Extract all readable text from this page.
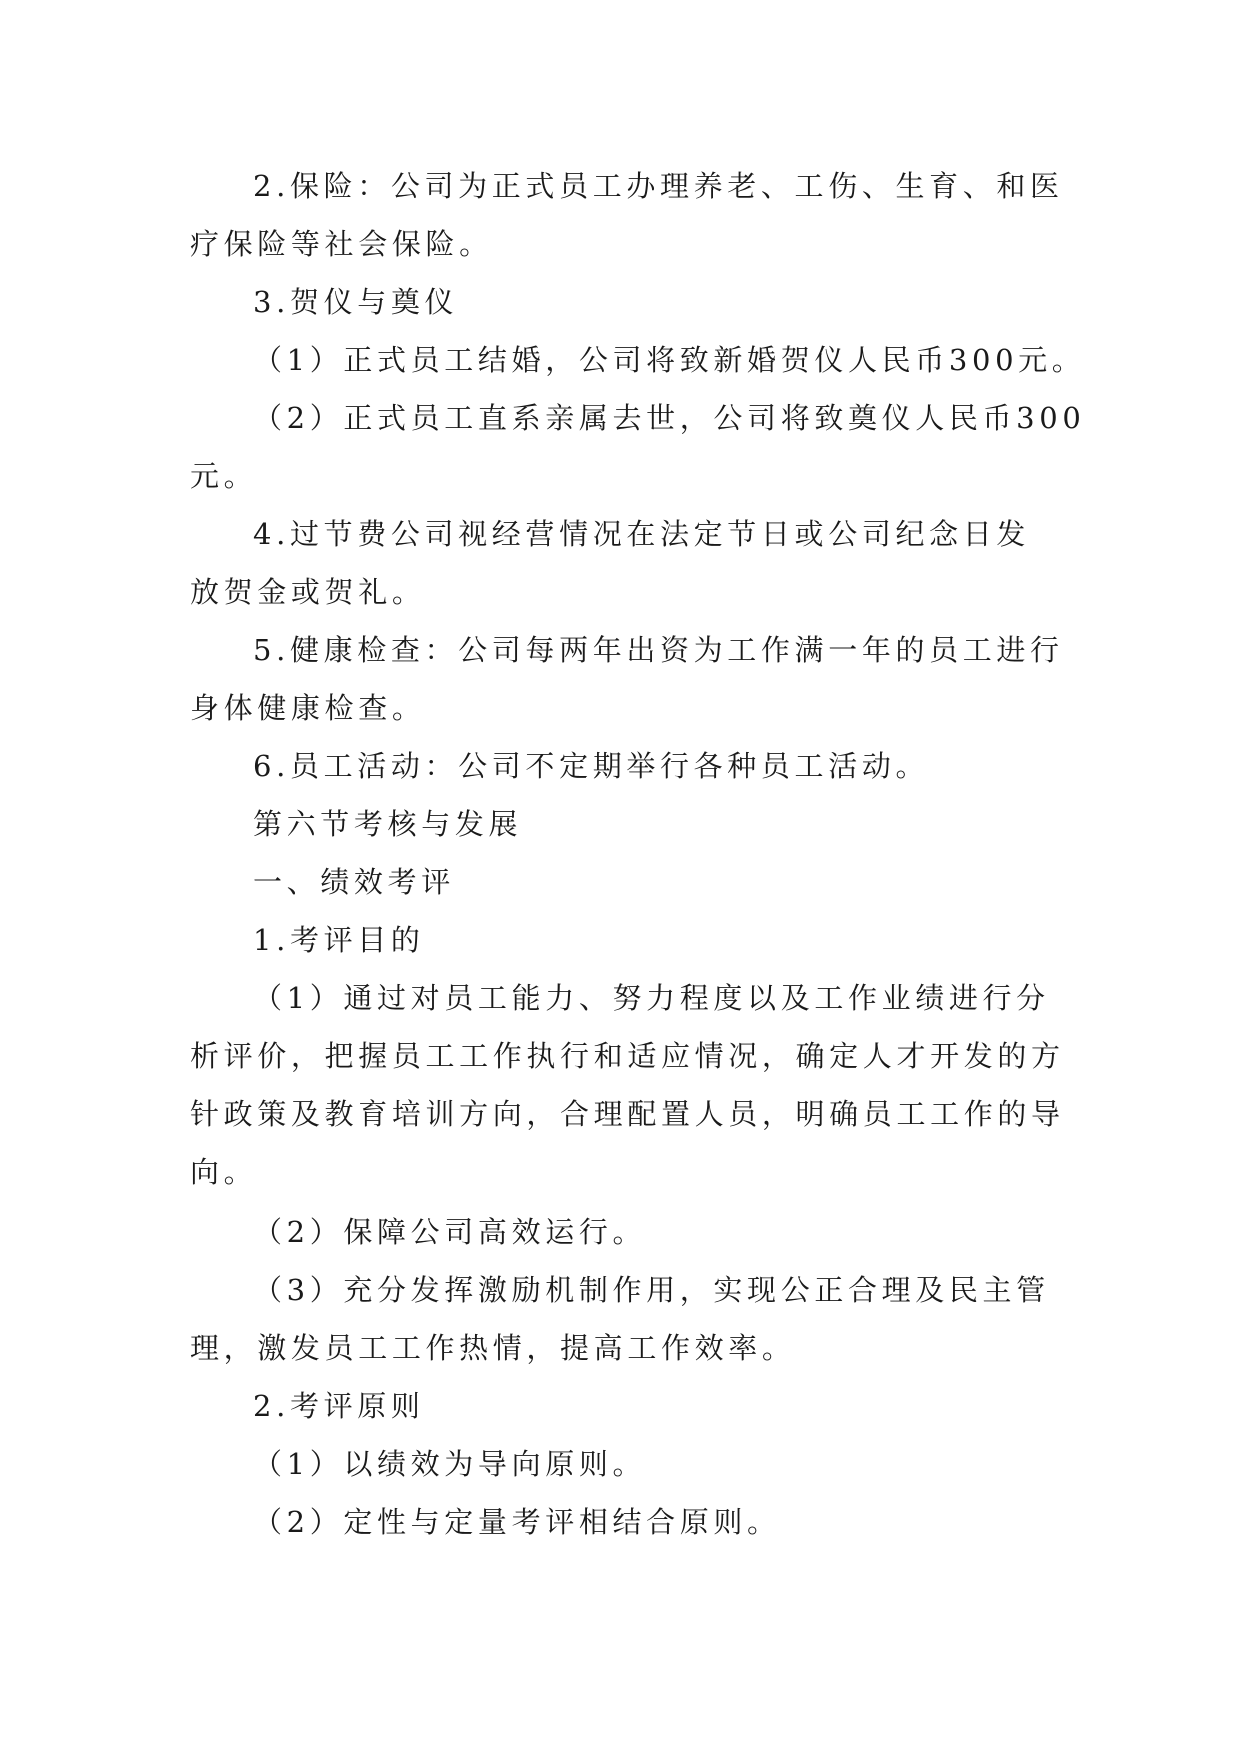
2.保险：公司为正式员工办理养老、工伤、生育、和医
疗保险等社会保险。
3.贺仪与奠仪
（1）正式员工结婚，公司将致新婚贺仪人民币300元。
（2）正式员工直系亲属去世，公司将致奠仪人民币300
元。
4.过节费公司视经营情况在法定节日或公司纪念日发
放贺金或贺礼。
5.健康检查：公司每两年出资为工作满一年的员工进行
身体健康检查。
6.员工活动：公司不定期举行各种员工活动。
第六节考核与发展
一、绩效考评
1.考评目的
（1）通过对员工能力、努力程度以及工作业绩进行分
析评价，把握员工工作执行和适应情况，确定人才开发的方
针政策及教育培训方向，合理配置人员，明确员工工作的导
向。
（2）保障公司高效运行。
（3）充分发挥激励机制作用，实现公正合理及民主管
理，激发员工工作热情，提高工作效率。
2.考评原则
（1）以绩效为导向原则。
（2）定性与定量考评相结合原则。
